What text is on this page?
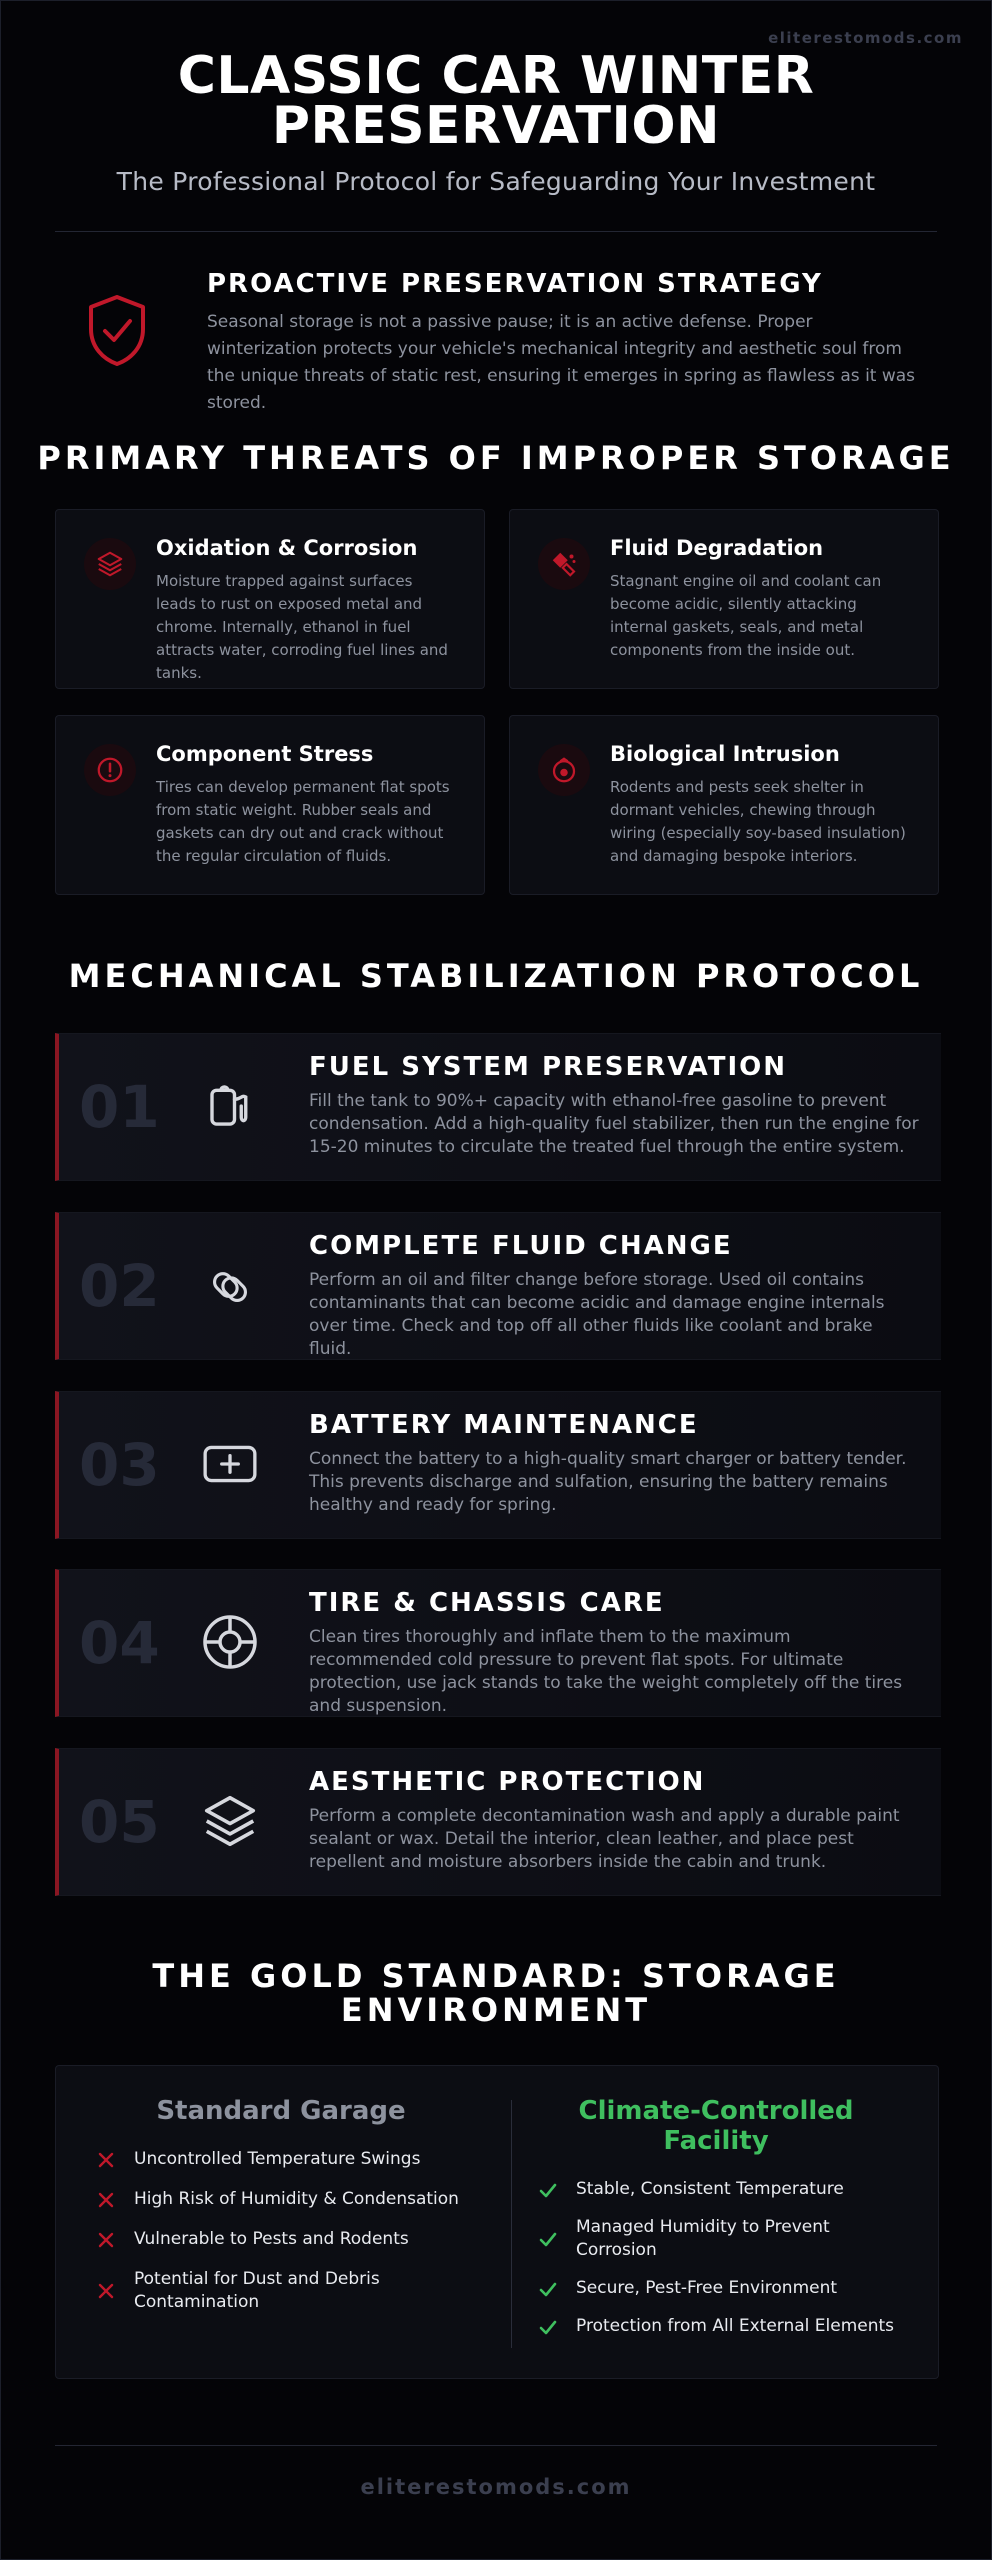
eliterestomods.com
CLASSIC CAR WINTER PRESERVATION
The Professional Protocol for Safeguarding Your Investment
PROACTIVE PRESERVATION STRATEGY

Seasonal storage is not a passive pause; it is an active defense. Proper winterization protects your vehicle's mechanical integrity and aesthetic soul from the unique threats of static rest, ensuring it emerges in spring as flawless as it was stored.

PRIMARY THREATS OF IMPROPER STORAGE
Oxidation & Corrosion

Moisture trapped against surfaces leads to rust on exposed metal and chrome. Internally, ethanol in fuel attracts water, corroding fuel lines and tanks.

Fluid Degradation

Stagnant engine oil and coolant can become acidic, silently attacking internal gaskets, seals, and metal components from the inside out.

Component Stress

Tires can develop permanent flat spots from static weight. Rubber seals and gaskets can dry out and crack without the regular circulation of fluids.

Biological Intrusion

Rodents and pests seek shelter in dormant vehicles, chewing through wiring (especially soy-based insulation) and damaging bespoke interiors.

MECHANICAL STABILIZATION PROTOCOL
01
FUEL SYSTEM PRESERVATION

Fill the tank to 90%+ capacity with ethanol-free gasoline to prevent condensation. Add a high-quality fuel stabilizer, then run the engine for 15-20 minutes to circulate the treated fuel through the entire system.

02
COMPLETE FLUID CHANGE

Perform an oil and filter change before storage. Used oil contains contaminants that can become acidic and damage engine internals over time. Check and top off all other fluids like coolant and brake fluid.

03
BATTERY MAINTENANCE

Connect the battery to a high-quality smart charger or battery tender. This prevents discharge and sulfation, ensuring the battery remains healthy and ready for spring.

04
TIRE & CHASSIS CARE

Clean tires thoroughly and inflate them to the maximum recommended cold pressure to prevent flat spots. For ultimate protection, use jack stands to take the weight completely off the tires and suspension.

05
AESTHETIC PROTECTION

Perform a complete decontamination wash and apply a durable paint sealant or wax. Detail the interior, clean leather, and place pest repellent and moisture absorbers inside the cabin and trunk.

THE GOLD STANDARD: STORAGE ENVIRONMENT
Standard Garage
Uncontrolled Temperature Swings
High Risk of Humidity & Condensation
Vulnerable to Pests and Rodents
Potential for Dust and Debris Contamination
Climate-Controlled Facility
Stable, Consistent Temperature
Managed Humidity to Prevent Corrosion
Secure, Pest-Free Environment
Protection from All External Elements
eliterestomods.com
